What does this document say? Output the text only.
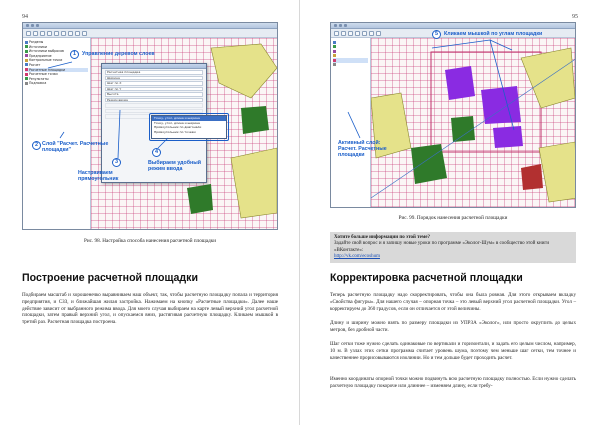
94
Разделы
Источники
Источники выбросов
Предприятие
Контрольные точки
Расчет
Расчетные площадки
Расчетные точки
Результаты
Подложка
Расчетная площадка
Ширина
Шаг по X
Шаг по Y
Высота
Режим ввода
Точку, угол, длина и ширина
Точку, угол, длина и ширина
Прямоугольник по диагонали
Прямоугольник по точкам
1	Управление деревом слоев
2 Слой "Расчет. Расчетные площадки"
3
Настраиваем прямоугольник
4
Выбираем удобный режим ввода
Рис. 98. Настройка способа нанесения расчетной площадки
Построение расчетной площадки
Подбираем масштаб и хорошенечко выравниваем наш объект, так, чтобы расчетную площадку попала и территория предприятия, и СЗЗ, и ближайшая жилая застройка. Нажимаем на кнопку «Расчетные площадки». Далее наше действие зависит от выбранного режима ввода. Для моего случая выбираем на карте левый верхний угол расчетной площадки, затем правый верхний угол, и опускаемся вниз, растягивая расчетную площадку. Кликаем мышкой в третий раз. Расчетная площадка построена.
95
5	Кликаем мышкой по углам площадки
Активный слой: Расчет. Расчетные площадки
Рис. 99. Порядок нанесения расчетной площадки
Хотите больше информации по этой теме?
Задайте свой вопрос и я запишу новые уроки по программе «Эколог-Шум» в сообщество этой книги «ВКонтакте»:
http://vk.com/ecoshum
Корректировка расчетной площадки
Теперь расчетную площадку надо скорректировать, чтобы она была ровная. Для этого открываем вкладку «Свойства фигуры». Для нашего случая – опорная точка – это левый верхний угол расчетной площадки. Угол – корректируем до 360 градусов, если он отличается от этой величины.
Длину и ширину можно взять по размеру площадки из УПРЗА «Эколог», или просто округлить до целых метров, без дробной части.
Шаг сетки тоже нужно сделать одинаковые по вертикали и горизонтали, и задать его целым числом, например, 10 м. В узлах этих сетки программа считает уровень шума, поэтому чем меньше шаг сетки, тем точнее и качественнее прорисовываются изолинии. Но и тем дольше будет проходить расчет.
Именно координаты опорной точки можно подвинуть всю расчетную площадку полностью. Если нужно сделать расчетную площадку покороче или длиннее – изменяем длину, если требу-
